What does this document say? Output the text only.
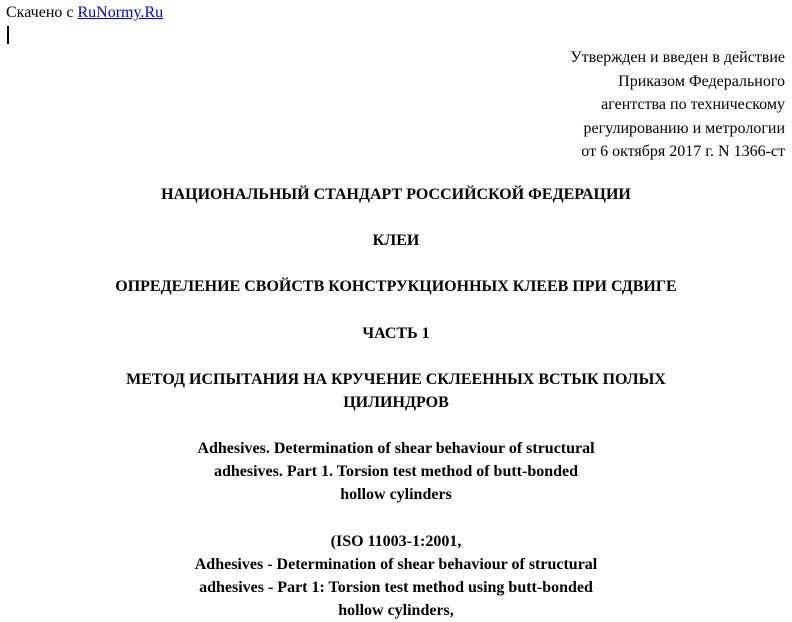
Скачено с RuNormy.Ru
Утвержден и введен в действие
Приказом Федерального
агентства по техническому
регулированию и метрологии
от 6 октября 2017 г. N 1366-ст
НАЦИОНАЛЬНЫЙ СТАНДАРТ РОССИЙСКОЙ ФЕДЕРАЦИИ
КЛЕИ
ОПРЕДЕЛЕНИЕ СВОЙСТВ КОНСТРУКЦИОННЫХ КЛЕЕВ ПРИ СДВИГЕ
ЧАСТЬ 1
МЕТОД ИСПЫТАНИЯ НА КРУЧЕНИЕ СКЛЕЕННЫХ ВСТЫК ПОЛЫХ
ЦИЛИНДРОВ
Adhesives. Determination of shear behaviour of structural
adhesives. Part 1. Torsion test method of butt-bonded
hollow cylinders
(ISO 11003-1:2001,
Adhesives - Determination of shear behaviour of structural
adhesives - Part 1: Torsion test method using butt-bonded
hollow cylinders,
